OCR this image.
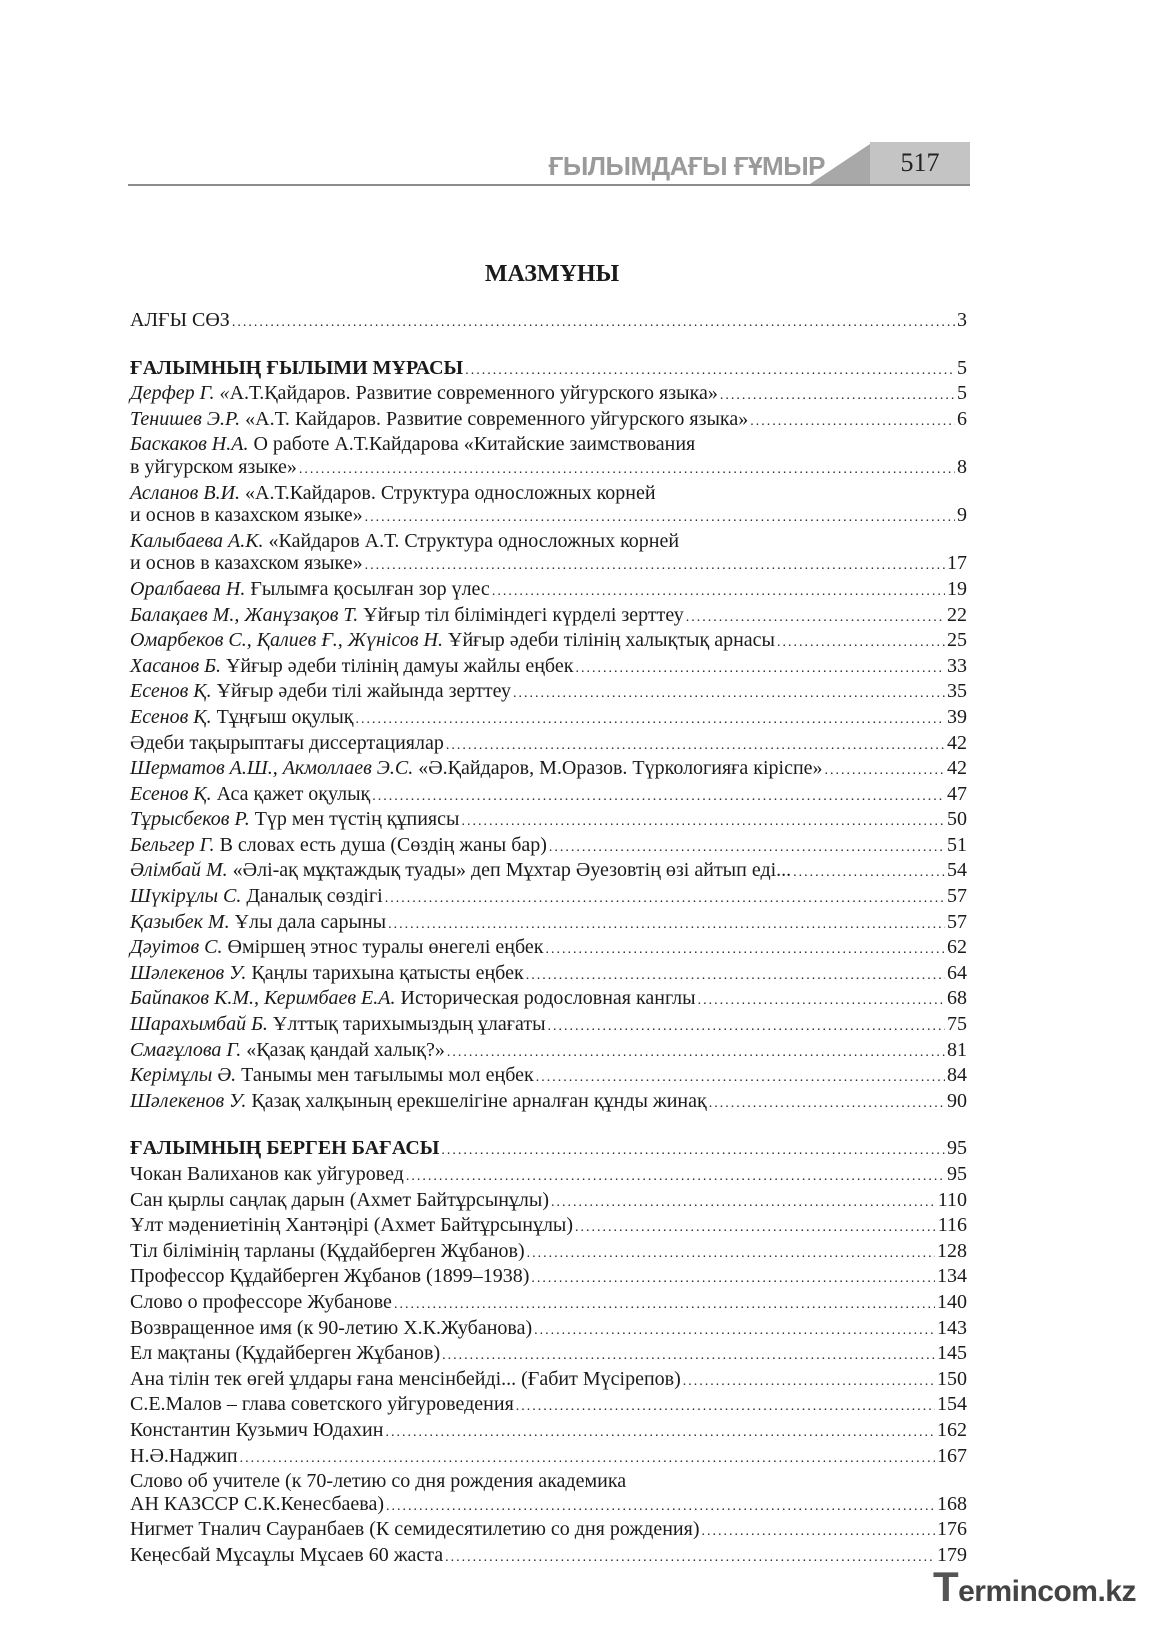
ҒЫЛЫМДАҒЫ ҒҰМЫР	517
МАЗМҰНЫ
АЛҒЫ СӨЗ .....	3
ҒАЛЫМНЫҢ ҒЫЛЫМИ МҰРАСЫ .....	5
Дерфер Г. «А.Т.Қайдаров. Развитие современного уйгурского языка» .....	5
Тенишев Э.Р. «А.Т. Кайдаров. Развитие современного уйгурского языка» .....	6
Баскаков Н.А. О работе А.Т.Кайдарова «Китайские заимствования
в уйгурском языке» .....	8
Асланов В.И. «А.Т.Кайдаров. Структура односложных корней
и основ в казахском языке» .....	9
Калыбаева А.К. «Кайдаров А.Т. Структура односложных корней
и основ в казахском языке» .....	17
Оралбаева Н. Ғылымға қосылған зор үлес .....	19
Балақаев М., Жанұзақов Т. Ұйғыр тіл біліміндегі күрделі зерттеу .....	22
Омарбеков С., Қалиев Ғ., Жүнісов Н. Ұйғыр әдеби тілінің халықтық арнасы .....	25
Хасанов Б. Ұйғыр әдеби тілінің дамуы жайлы еңбек .....	33
Есенов Қ. Ұйғыр әдеби тілі жайында зерттеу .....	35
Есенов Қ. Тұңғыш оқулық .....	39
Әдеби тақырыптағы диссертациялар .....	42
Шерматов А.Ш., Акмоллаев Э.С. «Ә.Қайдаров, М.Оразов. Түркологияға кіріспе» .....	42
Есенов Қ. Аса қажет оқулық .....	47
Тұрысбеков Р. Түр мен түстің құпиясы .....	50
Бельгер Г. В словах есть душа (Сөздің жаны бар) .....	51
Әлімбай М. «Әлі-ақ мұқтаждық туады» деп Мұхтар Әуезовтің өзі айтып еді... .....	54
Шүкірұлы С. Даналық сөздігі .....	57
Қазыбек М. Ұлы дала сарыны .....	57
Дәуітов С. Өміршең этнос туралы өнегелі еңбек .....	62
Шәлекенов У. Қаңлы тарихына қатысты еңбек .....	64
Байпаков К.М., Керимбаев Е.А. Историческая родословная канглы .....	68
Шарахымбай Б. Ұлттық тарихымыздың ұлағаты .....	75
Смағұлова Г. «Қазақ қандай халық?» .....	81
Керімұлы Ә. Танымы мен тағылымы мол еңбек .....	84
Шәлекенов У. Қазақ халқының ерекшелігіне арналған құнды жинақ .....	90
ҒАЛЫМНЫҢ БЕРГЕН БАҒАСЫ .....	95
Чокан Валиханов как уйгуровед .....	95
Сан қырлы саңлақ дарын (Ахмет Байтұрсынұлы) .....	110
Ұлт мәдениетінің Хантәңірі (Ахмет Байтұрсынұлы) .....	116
Тіл білімінің тарланы (Құдайберген Жұбанов) .....	128
Профессор Құдайберген Жұбанов (1899–1938) .....	134
Слово о профессоре Жубанове .....	140
Возвращенное имя (к 90-летию Х.К.Жубанова) .....	143
Ел мақтаны (Құдайберген Жұбанов) .....	145
Ана тілін тек өгей ұлдары ғана менсінбейді... (Ғабит Мүсірепов) .....	150
С.Е.Малов – глава советского уйгуроведения .....	154
Константин Кузьмич Юдахин .....	162
Н.Ә.Наджип .....	167
Слово об учителе (к 70-летию со дня рождения академика
АН КАЗССР С.К.Кенесбаева) .....	168
Нигмет Тналич Сауранбаев (К семидесятилетию со дня рождения) .....	176
Кеңесбай Мұсаұлы Мұсаев 60 жаста .....	179
Termincom.kz
